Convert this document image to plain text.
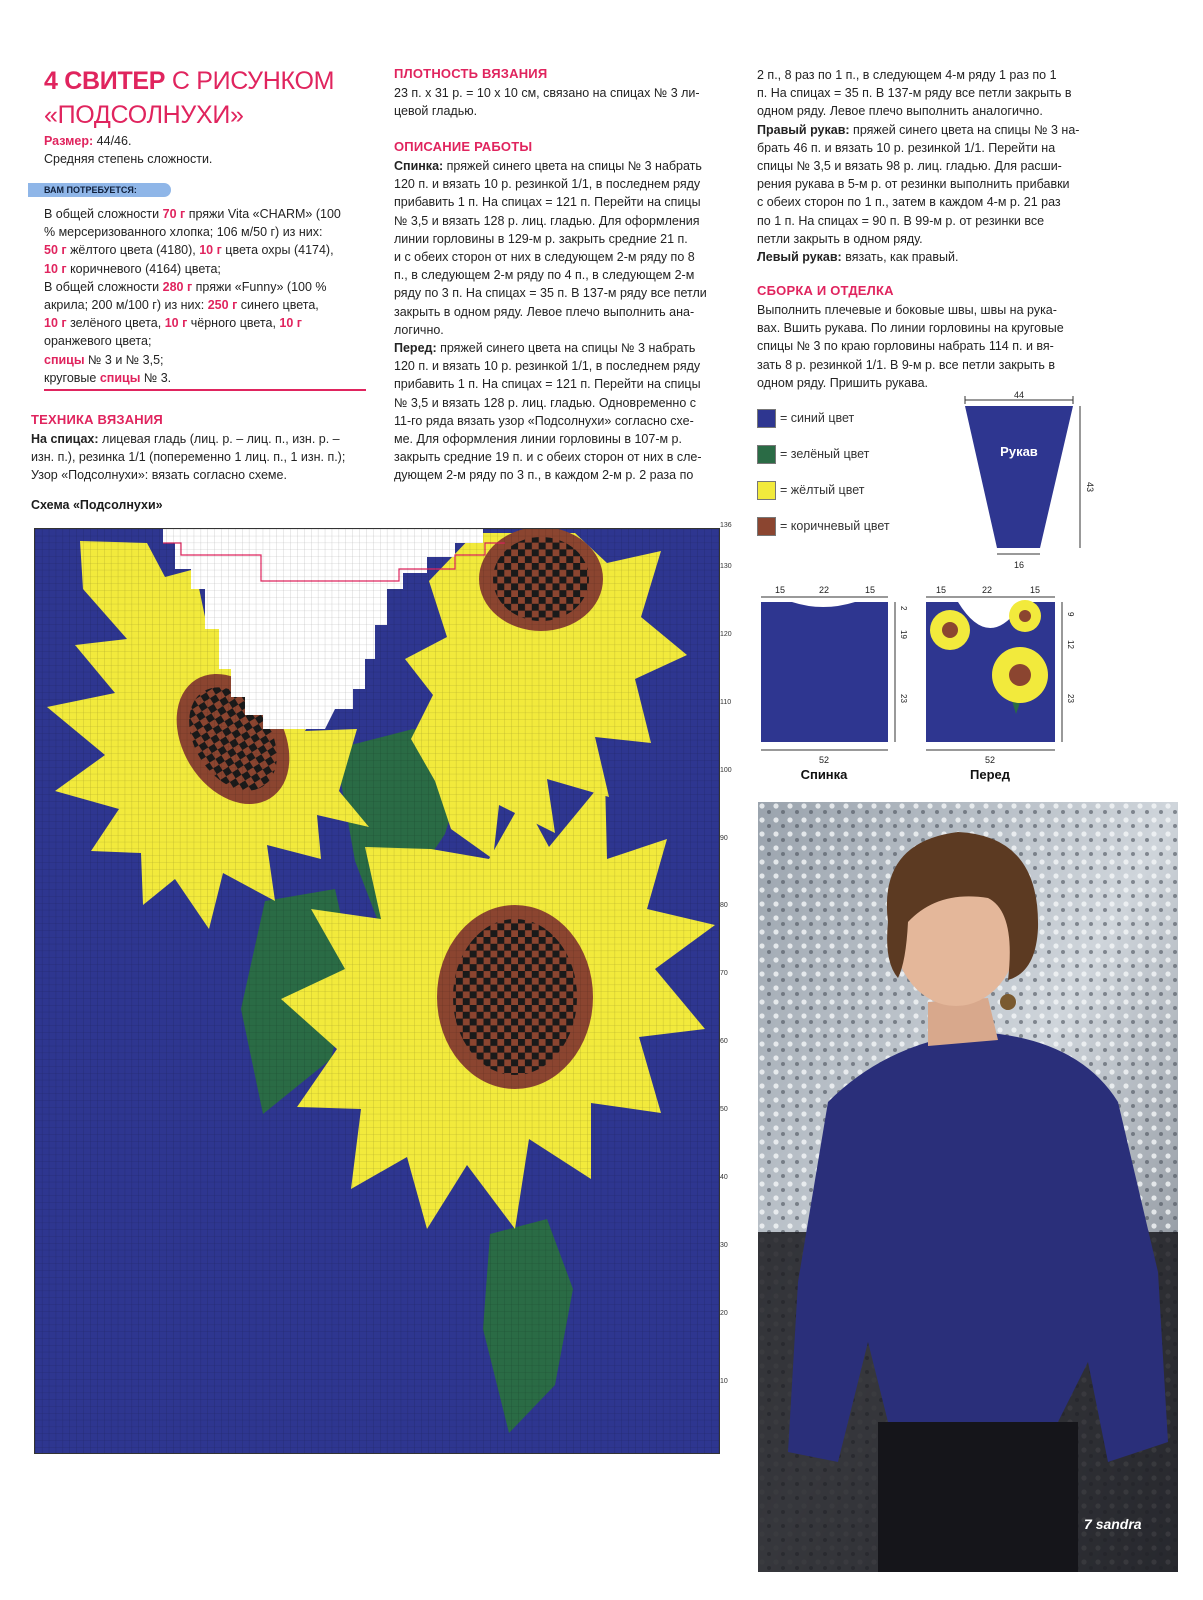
4 СВИТЕР С РИСУНКОМ
«ПОДСОЛНУХИ»
Размер: 44/46.
Средняя степень сложности.
ВАМ ПОТРЕБУЕТСЯ:
В общей сложности 70 г пряжи Vita «CHARM» (100
% мерсеризованного хлопка; 106 м/50 г) из них:
50 г жёлтого цвета (4180), 10 г цвета охры (4174),
10 г коричневого (4164) цвета;
В общей сложности 280 г пряжи «Funny» (100 %
акрила; 200 м/100 г) из них: 250 г синего цвета,
10 г зелёного цвета, 10 г чёрного цвета, 10 г
оранжевого цвета;
спицы № 3 и № 3,5;
круговые спицы № 3.
ТЕХНИКА ВЯЗАНИЯ
На спицах: лицевая гладь (лиц. р. – лиц. п., изн. р. –
изн. п.), резинка 1/1 (попеременно 1 лиц. п., 1 изн. п.);
Узор «Подсолнухи»: вязать согласно схеме.
Схема «Подсолнухи»
ПЛОТНОСТЬ ВЯЗАНИЯ
23 п. х 31 р. = 10 х 10 см, связано на спицах № 3 ли-
цевой гладью.
ОПИСАНИЕ РАБОТЫ
Спинка: пряжей синего цвета на спицы № 3 набрать
120 п. и вязать 10 р. резинкой 1/1, в последнем ряду
прибавить 1 п. На спицах = 121 п. Перейти на спицы
№ 3,5 и вязать 128 р. лиц. гладью. Для оформления
линии горловины в 129-м р. закрыть средние 21 п.
и с обеих сторон от них в следующем 2-м ряду по 8
п., в следующем 2-м ряду по 4 п., в следующем 2-м
ряду по 3 п. На спицах = 35 п. В 137-м ряду все петли
закрыть в одном ряду. Левое плечо выполнить ана-
логично.
Перед: пряжей синего цвета на спицы № 3 набрать
120 п. и вязать 10 р. резинкой 1/1, в последнем ряду
прибавить 1 п. На спицах = 121 п. Перейти на спицы
№ 3,5 и вязать 128 р. лиц. гладью. Одновременно с
11-го ряда вязать узор «Подсолнухи» согласно схе-
ме. Для оформления линии горловины в 107-м р.
закрыть средние 19 п. и с обеих сторон от них в сле-
дующем 2-м ряду по 3 п., в каждом 2-м р. 2 раза по
2 п., 8 раз по 1 п., в следующем 4-м ряду 1 раз по 1
п. На спицах = 35 п. В 137-м ряду все петли закрыть в
одном ряду. Левое плечо выполнить аналогично.
Правый рукав: пряжей синего цвета на спицы № 3 на-
брать 46 п. и вязать 10 р. резинкой 1/1. Перейти на
спицы № 3,5 и вязать 98 р. лиц. гладью. Для расши-
рения рукава в 5-м р. от резинки выполнить прибавки
с обеих сторон по 1 п., затем в каждом 4-м р. 21 раз
по 1 п. На спицах = 90 п. В 99-м р. от резинки все
петли закрыть в одном ряду.
Левый рукав: вязать, как правый.
СБОРКА И ОТДЕЛКА
Выполнить плечевые и боковые швы, швы на рука-
вах. Вшить рукава. По линии горловины на круговые
спицы № 3 по краю горловины набрать 114 п. и вя-
зать 8 р. резинкой 1/1. В 9-м р. все петли закрыть в
одном ряду. Пришить рукава.
= синий цвет
= зелёный цвет
= жёлтый цвет
= коричневый цвет
44
Рукав
16
43
15	22	15
2
19
23
52
Спинка
15	22	15
9
12
23
52
Перед
136
130
120
110
100
90
80
70
60
50
40
30
20
10
7 sandra
